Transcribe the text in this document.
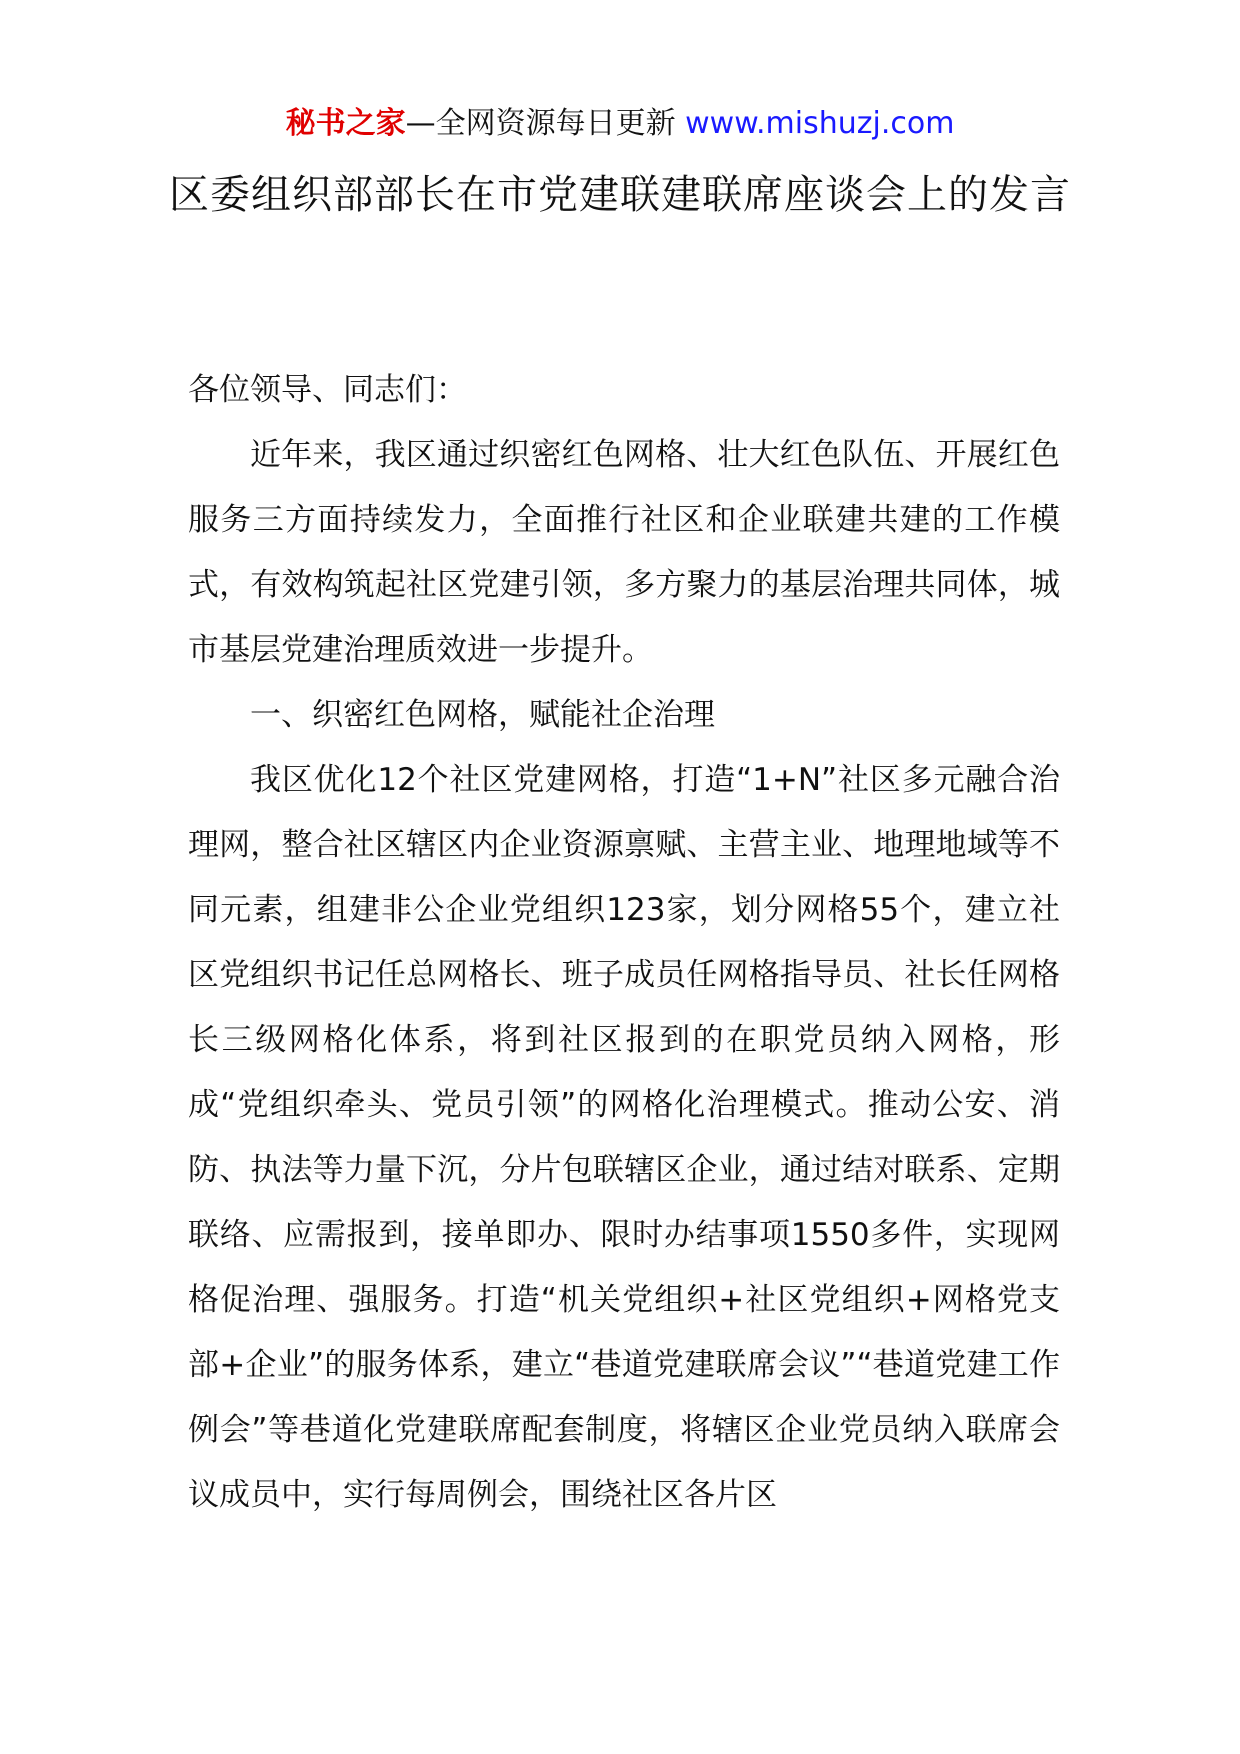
秘书之家—全网资源每日更新 www.mishuzj.com
区委组织部部长在市党建联建联席座谈会上的发言

各位领导、同志们：

近年来，我区通过织密红色网格、壮大红色队伍、开展红色服务三方面持续发力，全面推行社区和企业联建共建的工作模式，有效构筑起社区党建引领，多方聚力的基层治理共同体，城市基层党建治理质效进一步提升。

一、织密红色网格，赋能社企治理

我区优化12个社区党建网格，打造“1+N”社区多元融合治理网，整合社区辖区内企业资源禀赋、主营主业、地理地域等不同元素，组建非公企业党组织123家，划分网格55个，建立社区党组织书记任总网格长、班子成员任网格指导员、社长任网格长三级网格化体系，将到社区报到的在职党员纳入网格，形成“党组织牵头、党员引领”的网格化治理模式。推动公安、消防、执法等力量下沉，分片包联辖区企业，通过结对联系、定期联络、应需报到，接单即办、限时办结事项1550多件，实现网格促治理、强服务。打造“机关党组织+社区党组织+网格党支部+企业”的服务体系，建立“巷道党建联席会议”“巷道党建工作例会”等巷道化党建联席配套制度，将辖区企业党员纳入联席会议成员中，实行每周例会，围绕社区各片区
